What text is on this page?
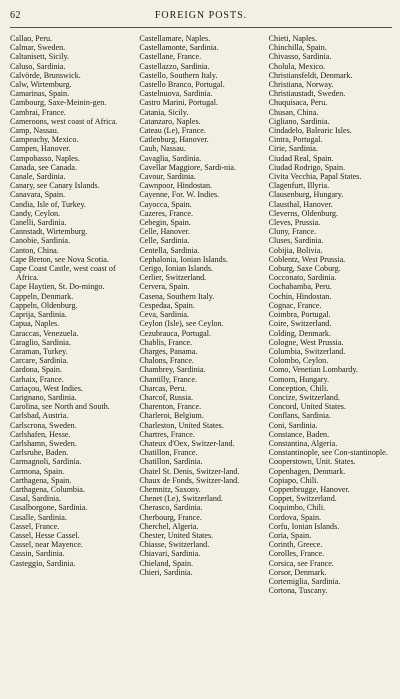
62	FOREIGN POSTS.

Callao, Peru.

Calmar, Sweden.

Caltanisett, Sicily.

Caluso, Sardinia.

Calvörde, Brunswick.

Calw, Wirtemburg.

Camarinas, Spain.

Cambourg, Saxe-Meinin-gen.

Cambrai, France.

Cameroons, west coast of Africa.

Camp, Nassau.

Campeachy, Mexico.

Campen, Hanover.

Campobasso, Naples.

Canada, see Canada.

Canale, Sardinia.

Canary, see Canary Islands.

Canavara, Spain.

Candia, Isle of, Turkey.

Candy, Ceylon.

Canelli, Sardinia.

Cannstadt, Wirtemburg.

Canobie, Sardinia.

Canton, China.

Cape Breton, see Nova Scotia.

Cape Coast Castle, west coast of Africa.

Cape Haytien, St. Do-mingo.

Cappeln, Denmark.

Cappeln, Oldenburg.

Caprija, Sardinia.

Capua, Naples.

Caraccas, Venezuela.

Caraglio, Sardinia.

Caraman, Turkey.

Carcare, Sardinia.

Cardona, Spain.

Carhaix, France.

Cariaçou, West Indies.

Carignano, Sardinia.

Carolina, see North and South.

Carlsbad, Austria.

Carlscrona, Sweden.

Carlshafen, Hesse.

Carlshamn, Sweden.

Carlsruhe, Baden.

Carmagnoli, Sardinia.

Carmona, Spain.

Carthagena, Spain.

Carthagena, Columbia.

Casal, Sardinia.

Casalborgone, Sardinia.

Casalle, Sardinia.

Cassel, France.

Cassel, Hesse Cassel.

Cassel, near Mayence.

Cassin, Sardinia.

Casteggio, Sardinia.

Castellamare, Naples.

Castellamonte, Sardinia.

Castellane, France.

Castellazzo, Sardinia.

Castello, Southern Italy.

Castello Branco, Portugal.

Castelnuova, Sardinia.

Castro Marini, Portugal.

Catania, Sicily.

Catanzaro, Naples.

Cateau (Le), France.

Catlenburg, Hanover.

Caub, Nassau.

Cavaglia, Sardinia.

Cavellar Maggiore, Sardi-nia.

Cavour, Sardinia.

Cawnpoor, Hindostan.

Cayenne, For. W. Indies.

Cayocca, Spain.

Cazeres, France.

Cebegin, Spain.

Celle, Hanover.

Celle, Sardinia.

Centella, Sardinia.

Cephalonia, Ionian Islands.

Cerigo, Ionian Islands.

Cerlier, Switzerland.

Cervera, Spain.

Casena, Southern Italy.

Cespedaa, Spain.

Ceva, Sardinia.

Ceylon (Isle), see Ceylon.

Cezubrauca, Portugal.

Chablis, France.

Charges, Panama.

Chalons, France.

Chambrey, Sardinia.

Chantilly, France.

Charcas, Peru.

Charcof, Russia.

Charenton, France.

Charleroi, Belgium.

Charleston, United States.

Chartres, France.

Chateux d'Oex, Switzer-land.

Chatillon, France.

Chatillon, Sardinia.

Chatel St. Denis, Switzer-land.

Chaux de Fonds, Switzer-land.

Chemnitz, Saxony.

Chenet (Le), Switzerland.

Cherasco, Sardinia.

Cherbourg, France.

Cherchel, Algeria.

Chester, United States.

Chiasse, Switzerland.

Chiavari, Sardinia.

Chieland, Spain.

Chieri, Sardinia.

Chieti, Naples.

Chinchilla, Spain.

Chivasso, Sardinia.

Cholula, Mexico.

Christiansfeldt, Denmark.

Christiana, Norway.

Christiaustadt, Sweden.

Chuquisaca, Peru.

Chusan, China.

Cigliano, Sardinia.

Cindadelo, Balearic Isles.

Cintra, Portugal.

Cirie, Sardinia.

Ciudad Real, Spain.

Ciudad Rodrigo, Spain.

Civita Vecchia, Papal States.

Clagenfurt, Illyria.

Clausenburg, Hungary.

Clausthal, Hanover.

Cleverns, Oldenburg.

Cleves, Prussia.

Cluny, France.

Cluses, Sardinia.

Cobijia, Bolivia.

Coblentz, West Prussia.

Coburg, Saxe Coburg.

Cocconato, Sardinia.

Cochabamba, Peru.

Cochin, Hindostan.

Cognac, France.

Coimbra, Portugal.

Coire, Switzerland.

Colding, Denmark.

Cologne, West Prussia.

Columbia, Switzerland.

Colombo, Ceylon.

Como, Venetian Lombardy.

Comorn, Hungary.

Conception, Chili.

Concize, Switzerland.

Concord, United States.

Conflans, Sardinia.

Coni, Sardinia.

Constance, Baden.

Constantina, Algeria.

Constantinople, see Con-stantinople.

Cooperstown, Unit. States.

Copenhagen, Denmark.

Copiapo, Chili.

Coppenbrugge, Hanover.

Coppet, Switzerland.

Coquimbo, Chili.

Cordova, Spain.

Corfu, Ionian Islands.

Coria, Spain.

Corinth, Greece.

Corolles, France.

Corsica, see France.

Corsor, Denmark.

Cortemiglia, Sardinia.

Cortona, Tuscany.
